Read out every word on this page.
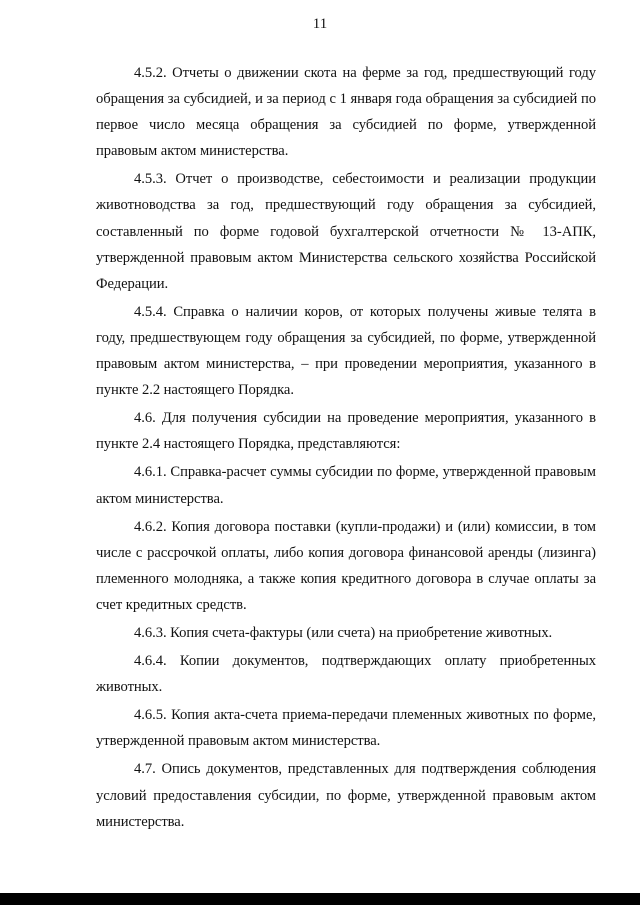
11

4.5.2. Отчеты о движении скота на ферме за год, предшествующий году обращения за субсидией, и за период с 1 января года обращения за субсидией по первое число месяца обращения за субсидией по форме, утвержденной правовым актом министерства.

4.5.3. Отчет о производстве, себестоимости и реализации продукции животноводства за год, предшествующий году обращения за субсидией, составленный по форме годовой бухгалтерской отчетности № 13-АПК, утвержденной правовым актом Министерства сельского хозяйства Российской Федерации.

4.5.4. Справка о наличии коров, от которых получены живые телята в году, предшествующем году обращения за субсидией, по форме, утвержденной правовым актом министерства, – при проведении мероприятия, указанного в пункте 2.2 настоящего Порядка.

4.6. Для получения субсидии на проведение мероприятия, указанного в пункте 2.4 настоящего Порядка, представляются:

4.6.1. Справка-расчет суммы субсидии по форме, утвержденной правовым актом министерства.

4.6.2. Копия договора поставки (купли-продажи) и (или) комиссии, в том числе с рассрочкой оплаты, либо копия договора финансовой аренды (лизинга) племенного молодняка, а также копия кредитного договора в случае оплаты за счет кредитных средств.

4.6.3. Копия счета-фактуры (или счета) на приобретение животных.

4.6.4. Копии документов, подтверждающих оплату приобретенных животных.

4.6.5. Копия акта-счета приема-передачи племенных животных по форме, утвержденной правовым актом министерства.

4.7. Опись документов, представленных для подтверждения соблюдения условий предоставления субсидии, по форме, утвержденной правовым актом министерства.
